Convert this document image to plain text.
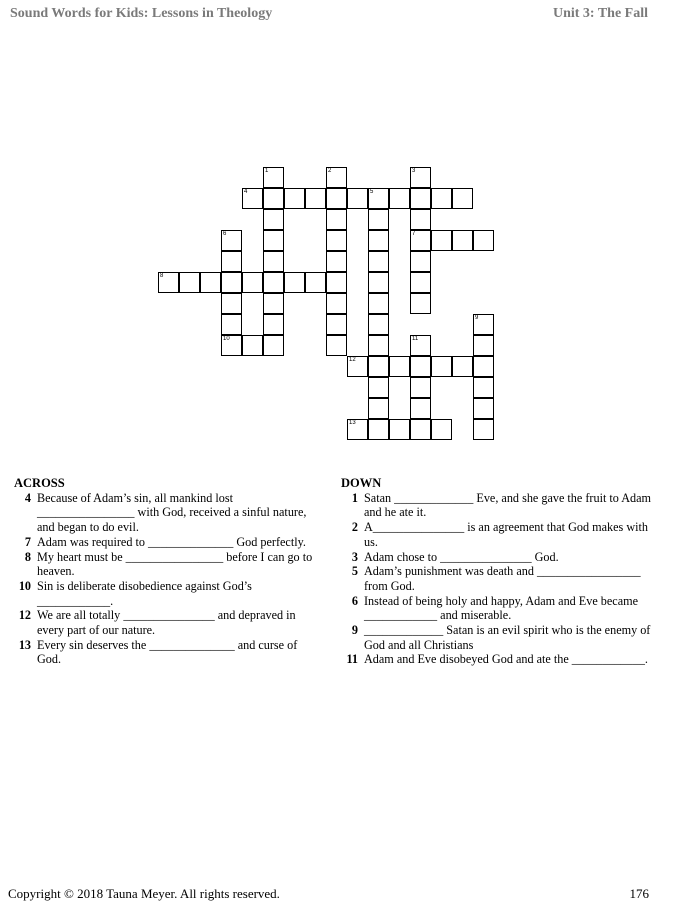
Sound Words for Kids: Lessons in Theology	Unit 3: The Fall
1	2	3
7
4	5
6
10
8
9
11
12
13
ACROSS
4 Because of Adam’s sin, all mankind lost ________________ with God, received a sinful nature, and began to do evil.
7 Adam was required to ______________ God perfectly.
8 My heart must be ________________ before I can go to heaven.
10 Sin is deliberate disobedience against God’s ____________.
12 We are all totally _______________ and depraved in every part of our nature.
13 Every sin deserves the ______________ and curse of God.
DOWN
1 Satan _____________ Eve, and she gave the fruit to Adam and he ate it.
2 A_______________ is an agreement that God makes with us.
3 Adam chose to _______________ God.
5 Adam’s punishment was death and _________________ from God.
6 Instead of being holy and happy, Adam and Eve became ____________ and miserable.
9 _____________ Satan is an evil spirit who is the enemy of God and all Christians
11 Adam and Eve disobeyed God and ate the ____________.
Copyright © 2018 Tauna Meyer. All rights reserved.	176
